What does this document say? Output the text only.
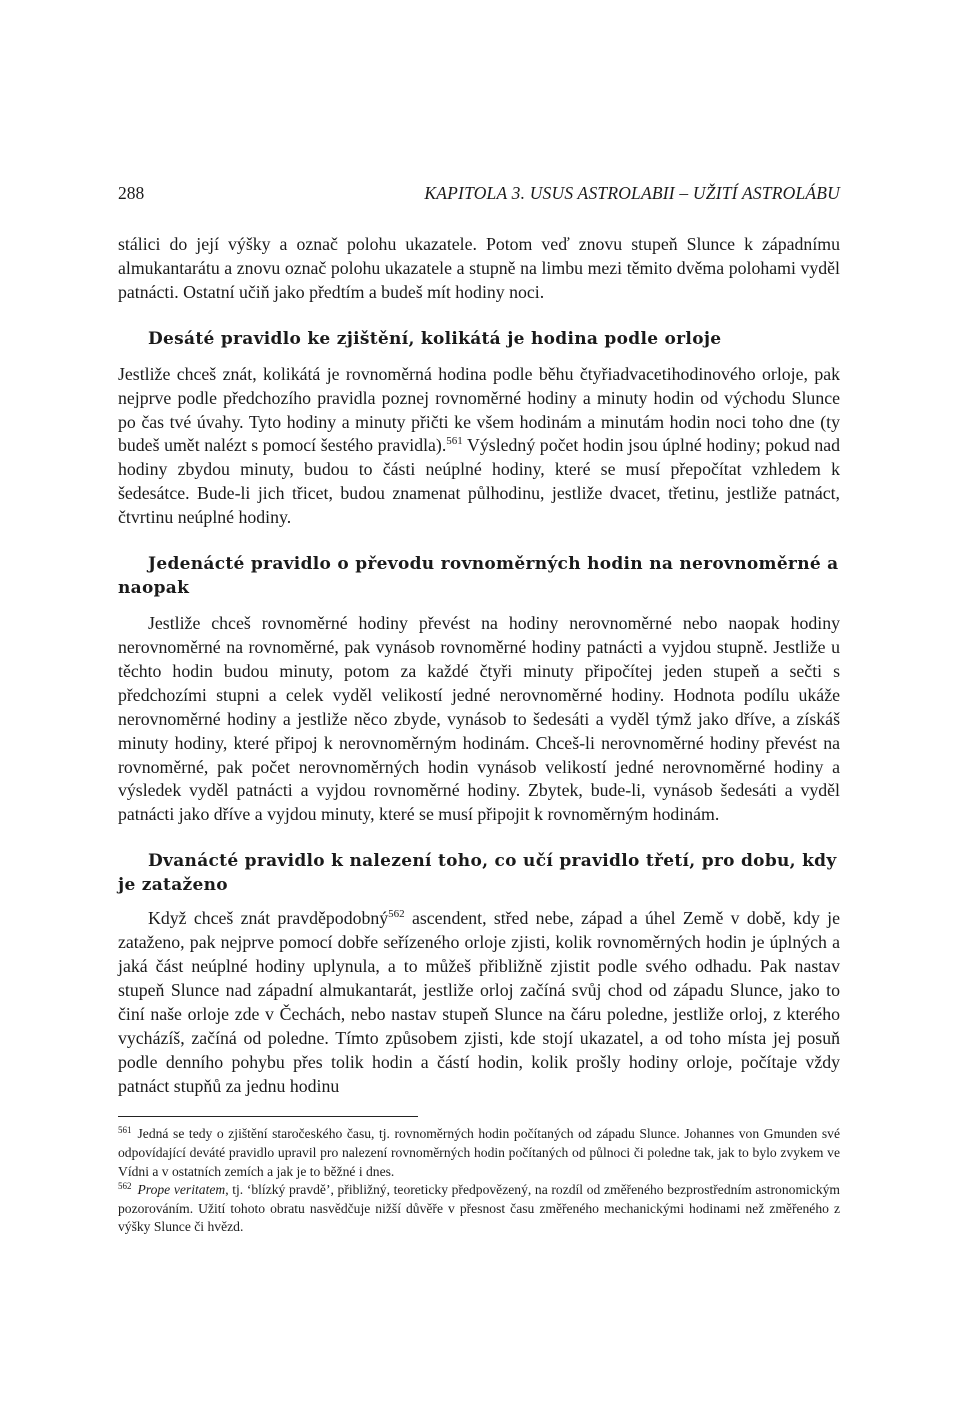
288	KAPITOLA 3. USUS ASTROLABII – UŽITÍ ASTROLÁBU

stálici do její výšky a označ polohu ukazatele. Potom veď znovu stupeň Slunce k západnímu almukantarátu a znovu označ polohu ukazatele a stupně na limbu mezi těmito dvěma polohami vyděl patnácti. Ostatní učiň jako předtím a budeš mít hodiny noci.

Desáté pravidlo ke zjištění, kolikátá je hodina podle orloje

Jestliže chceš znát, kolikátá je rovnoměrná hodina podle běhu čtyřiadvacetihodinového orloje, pak nejprve podle předchozího pravidla poznej rovnoměrné hodiny a minuty hodin od východu Slunce po čas tvé úvahy. Tyto hodiny a minuty přičti ke všem hodinám a minutám hodin noci toho dne (ty budeš umět nalézt s pomocí šestého pravidla).$^{561}$ Výsledný počet hodin jsou úplné hodiny; pokud nad hodiny zbydou minuty, budou to části neúplné hodiny, které se musí přepočítat vzhledem k šedesátce. Bude-li jich třicet, budou znamenat půlhodinu, jestliže dvacet, třetinu, jestliže patnáct, čtvrtinu neúplné hodiny.

Jedenácté pravidlo o převodu rovnoměrných hodin na nerovnoměrné a naopak

Jestliže chceš rovnoměrné hodiny převést na hodiny nerovnoměrné nebo naopak hodiny nerovnoměrné na rovnoměrné, pak vynásob rovnoměrné hodiny patnácti a vyjdou stupně. Jestliže u těchto hodin budou minuty, potom za každé čtyři minuty připočítej jeden stupeň a sečti s předchozími stupni a celek vyděl velikostí jedné nerovnoměrné hodiny. Hodnota podílu ukáže nerovnoměrné hodiny a jestliže něco zbyde, vynásob to šedesáti a vyděl týmž jako dříve, a získáš minuty hodiny, které připoj k nerovnoměrným hodinám. Chceš-li nerovnoměrné hodiny převést na rovnoměrné, pak počet nerovnoměrných hodin vynásob velikostí jedné nerovnoměrné hodiny a výsledek vyděl patnácti a vyjdou rovnoměrné hodiny. Zbytek, bude-li, vynásob šedesáti a vyděl patnácti jako dříve a vyjdou minuty, které se musí připojit k rovnoměrným hodinám.

Dvanácté pravidlo k nalezení toho, co učí pravidlo třetí, pro dobu, kdy je zataženo

Když chceš znát pravděpodobný$^{562}$ ascendent, střed nebe, západ a úhel Země v době, kdy je zataženo, pak nejprve pomocí dobře seřízeného orloje zjisti, kolik rovnoměrných hodin je úplných a jaká část neúplné hodiny uplynula, a to můžeš přibližně zjistit podle svého odhadu. Pak nastav stupeň Slunce nad západní almukantarát, jestliže orloj začíná svůj chod od západu Slunce, jako to činí naše orloje zde v Čechách, nebo nastav stupeň Slunce na čáru poledne, jestliže orloj, z kterého vycházíš, začíná od poledne. Tímto způsobem zjisti, kde stojí ukazatel, a od toho místa jej posuň podle denního pohybu přes tolik hodin a částí hodin, kolik prošly hodiny orloje, počítaje vždy patnáct stupňů za jednu hodinu

$^{561}$ Jedná se tedy o zjištění staročeského času, tj. rovnoměrných hodin počítaných od západu Slunce. Johannes von Gmunden své odpovídající deváté pravidlo upravil pro nalezení rovnoměrných hodin počítaných od půlnoci či poledne tak, jak to bylo zvykem ve Vídni a v ostatních zemích a jak je to běžné i dnes.

$^{562}$ Prope veritatem, tj. ‘blízký pravdě’, přibližný, teoreticky předpovězený, na rozdíl od změřeného bezprostředním astronomickým pozorováním. Užití tohoto obratu nasvědčuje nižší důvěře v přesnost času změřeného mechanickými hodinami než změřeného z výšky Slunce či hvězd.
